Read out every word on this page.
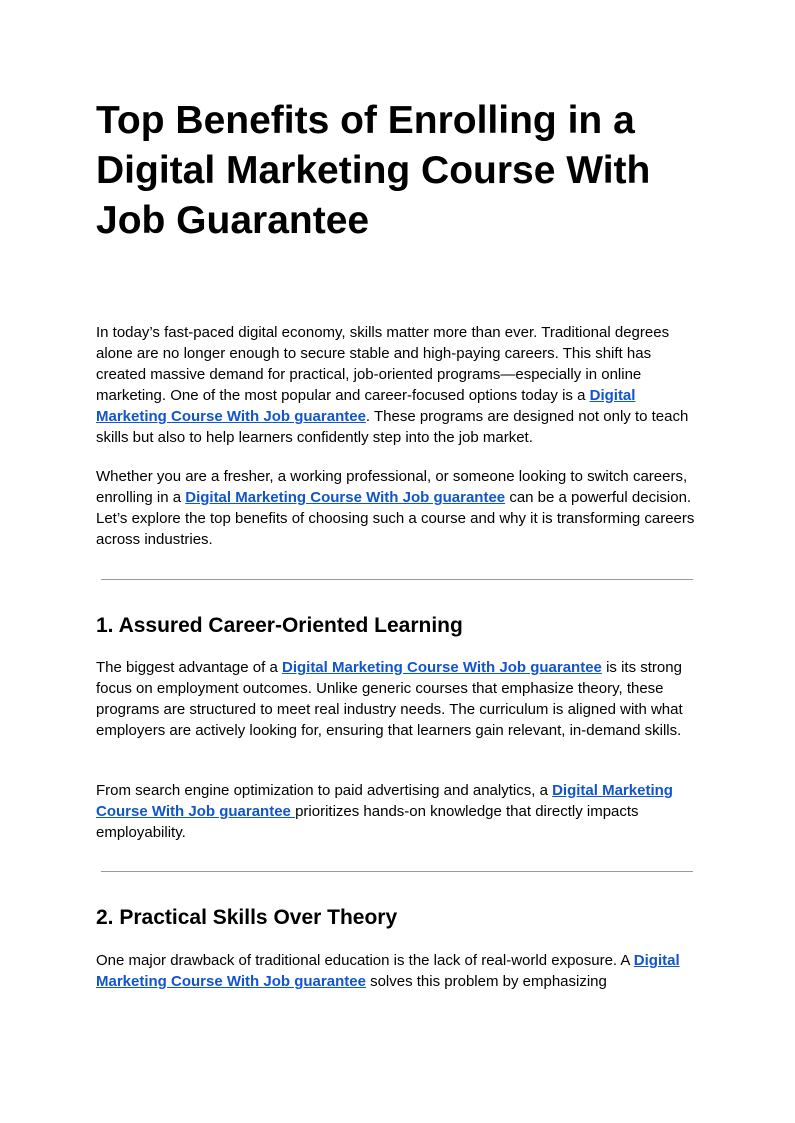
Top Benefits of Enrolling in a Digital Marketing Course With Job Guarantee

In today’s fast-paced digital economy, skills matter more than ever. Traditional degrees alone are no longer enough to secure stable and high-paying careers. This shift has created massive demand for practical, job-oriented programs—especially in online marketing. One of the most popular and career-focused options today is a Digital Marketing Course With Job guarantee. These programs are designed not only to teach skills but also to help learners confidently step into the job market.

Whether you are a fresher, a working professional, or someone looking to switch careers, enrolling in a Digital Marketing Course With Job guarantee can be a powerful decision. Let’s explore the top benefits of choosing such a course and why it is transforming careers across industries.

1. Assured Career-Oriented Learning

The biggest advantage of a Digital Marketing Course With Job guarantee is its strong focus on employment outcomes. Unlike generic courses that emphasize theory, these programs are structured to meet real industry needs. The curriculum is aligned with what employers are actively looking for, ensuring that learners gain relevant, in-demand skills.

From search engine optimization to paid advertising and analytics, a Digital Marketing Course With Job guarantee prioritizes hands-on knowledge that directly impacts employability.

2. Practical Skills Over Theory

One major drawback of traditional education is the lack of real-world exposure. A Digital Marketing Course With Job guarantee solves this problem by emphasizing
